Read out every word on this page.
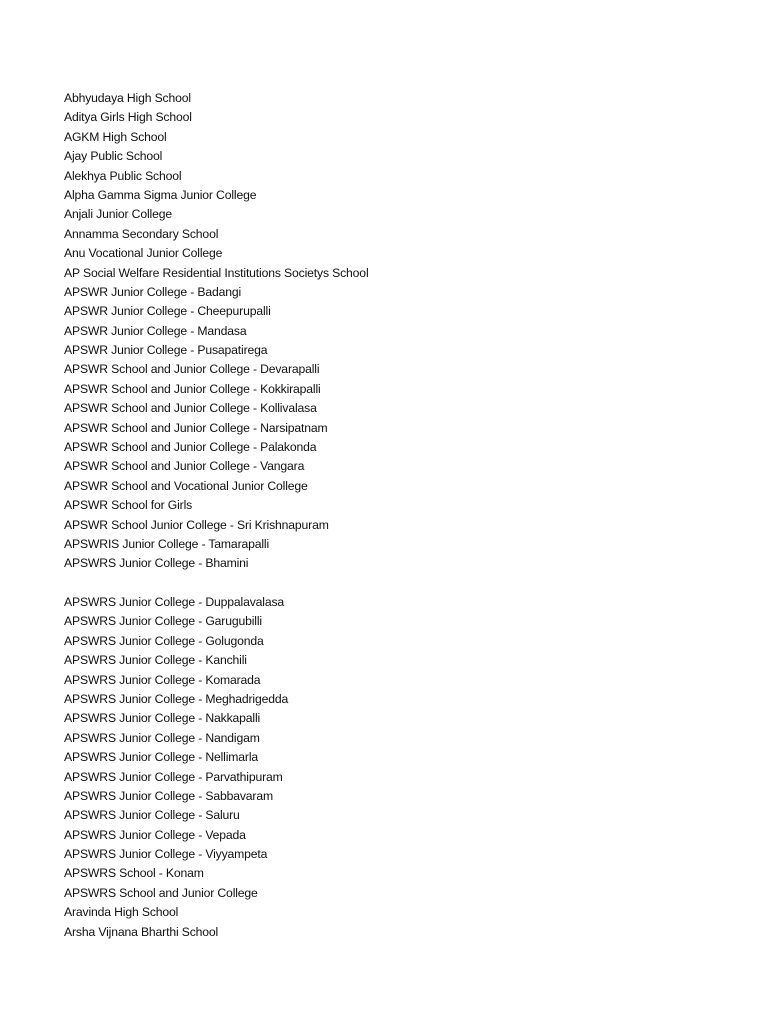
Abhyudaya High School
Aditya Girls High School
AGKM High School
Ajay Public School
Alekhya Public School
Alpha Gamma Sigma Junior College
Anjali Junior College
Annamma Secondary School
Anu Vocational Junior College
AP Social Welfare Residential Institutions Societys School
APSWR Junior College - Badangi
APSWR Junior College - Cheepurupalli
APSWR Junior College - Mandasa
APSWR Junior College - Pusapatirega
APSWR School and Junior College - Devarapalli
APSWR School and Junior College - Kokkirapalli
APSWR School and Junior College - Kollivalasa
APSWR School and Junior College - Narsipatnam
APSWR School and Junior College - Palakonda
APSWR School and Junior College - Vangara
APSWR School and Vocational Junior College
APSWR School for Girls
APSWR School Junior College - Sri Krishnapuram
APSWRIS Junior College - Tamarapalli
APSWRS Junior College - Bhamini
APSWRS Junior College - Duppalavalasa
APSWRS Junior College - Garugubilli
APSWRS Junior College - Golugonda
APSWRS Junior College - Kanchili
APSWRS Junior College - Komarada
APSWRS Junior College - Meghadrigedda
APSWRS Junior College - Nakkapalli
APSWRS Junior College - Nandigam
APSWRS Junior College - Nellimarla
APSWRS Junior College - Parvathipuram
APSWRS Junior College - Sabbavaram
APSWRS Junior College - Saluru
APSWRS Junior College - Vepada
APSWRS Junior College - Viyyampeta
APSWRS School - Konam
APSWRS School and Junior College
Aravinda High School
Arsha Vijnana Bharthi School
